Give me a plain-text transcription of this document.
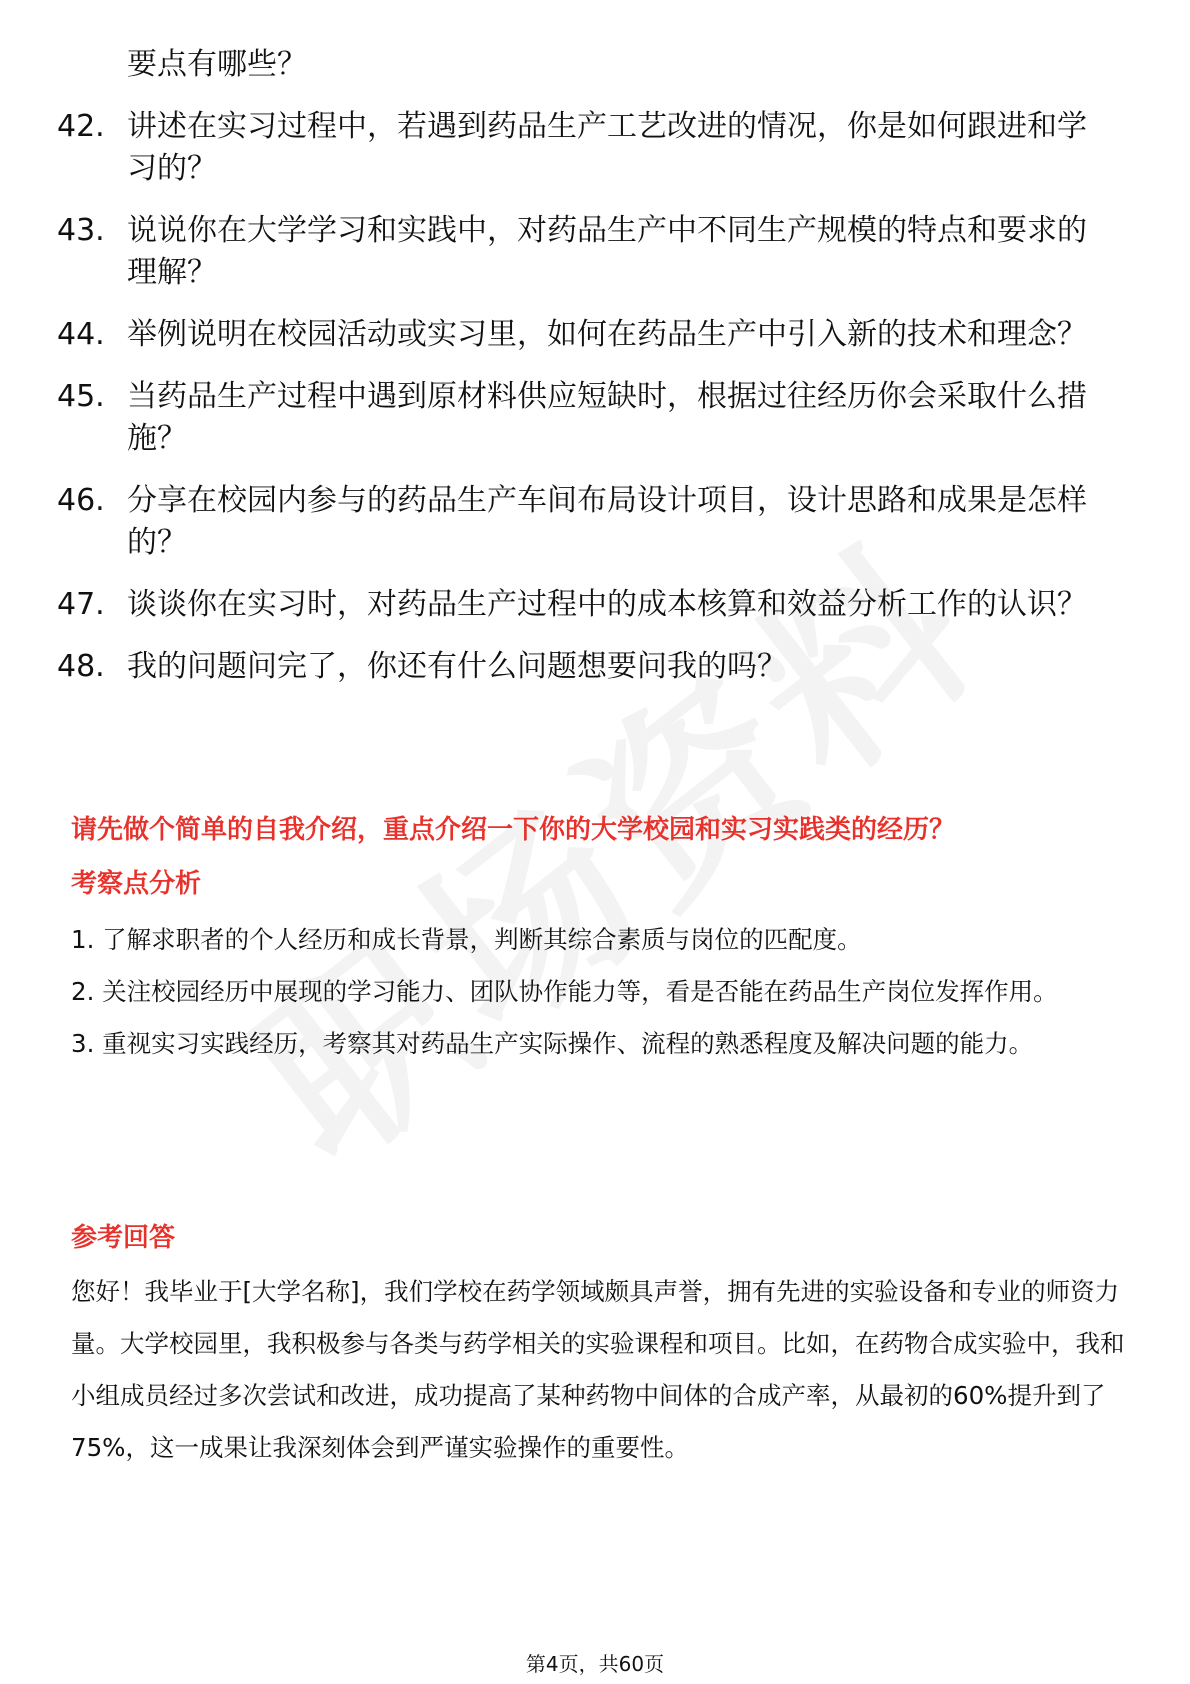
要点有哪些？
42. 讲述在实习过程中，若遇到药品生产工艺改进的情况，你是如何跟进和学习的？
43. 说说你在大学学习和实践中，对药品生产中不同生产规模的特点和要求的理解？
44. 举例说明在校园活动或实习里，如何在药品生产中引入新的技术和理念？
45. 当药品生产过程中遇到原材料供应短缺时，根据过往经历你会采取什么措施？
46. 分享在校园内参与的药品生产车间布局设计项目，设计思路和成果是怎样的？
47. 谈谈你在实习时，对药品生产过程中的成本核算和效益分析工作的认识？
48. 我的问题问完了，你还有什么问题想要问我的吗？
请先做个简单的自我介绍，重点介绍一下你的大学校园和实习实践类的经历？
考察点分析

1. 了解求职者的个人经历和成长背景，判断其综合素质与岗位的匹配度。

2. 关注校园经历中展现的学习能力、团队协作能力等，看是否能在药品生产岗位发挥作用。

3. 重视实习实践经历，考察其对药品生产实际操作、流程的熟悉程度及解决问题的能力。

参考回答

您好！我毕业于[大学名称]，我们学校在药学领域颇具声誉，拥有先进的实验设备和专业的师资力量。大学校园里，我积极参与各类与药学相关的实验课程和项目。比如，在药物合成实验中，我和小组成员经过多次尝试和改进，成功提高了某种药物中间体的合成产率，从最初的60%提升到了75%，这一成果让我深刻体会到严谨实验操作的重要性。

第4页，共60页
